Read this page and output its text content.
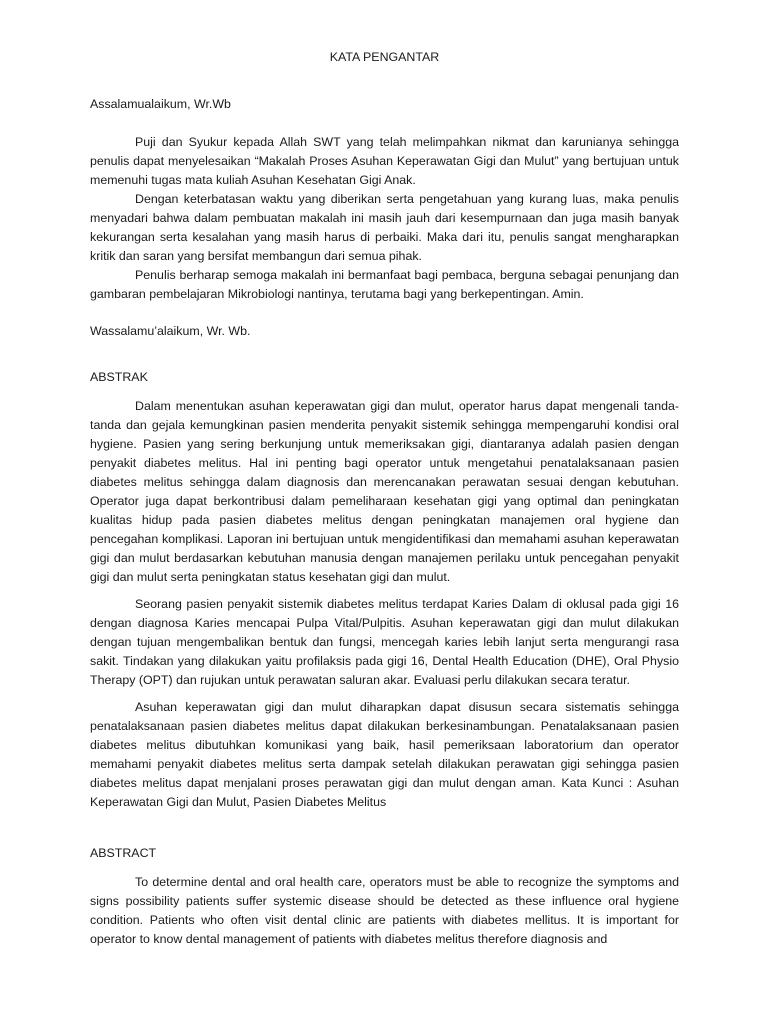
KATA PENGANTAR
Assalamualaikum, Wr.Wb

Puji dan Syukur kepada Allah SWT yang telah melimpahkan nikmat dan karunianya sehingga penulis dapat menyelesaikan “Makalah Proses Asuhan Keperawatan Gigi dan Mulut” yang bertujuan untuk memenuhi tugas mata kuliah Asuhan Kesehatan Gigi Anak.

Dengan keterbatasan waktu yang diberikan serta pengetahuan yang kurang luas, maka penulis menyadari bahwa dalam pembuatan makalah ini masih jauh dari kesempurnaan dan juga masih banyak kekurangan serta kesalahan yang masih harus di perbaiki. Maka dari itu, penulis sangat mengharapkan kritik dan saran yang bersifat membangun dari semua pihak.

Penulis berharap semoga makalah ini bermanfaat bagi pembaca, berguna sebagai penunjang dan gambaran pembelajaran Mikrobiologi nantinya, terutama bagi yang berkepentingan. Amin.

Wassalamu’alaikum, Wr. Wb.
ABSTRAK

Dalam menentukan asuhan keperawatan gigi dan mulut, operator harus dapat mengenali tanda-tanda dan gejala kemungkinan pasien menderita penyakit sistemik sehingga mempengaruhi kondisi oral hygiene. Pasien yang sering berkunjung untuk memeriksakan gigi, diantaranya adalah pasien dengan penyakit diabetes melitus. Hal ini penting bagi operator untuk mengetahui penatalaksanaan pasien diabetes melitus sehingga dalam diagnosis dan merencanakan perawatan sesuai dengan kebutuhan. Operator juga dapat berkontribusi dalam pemeliharaan kesehatan gigi yang optimal dan peningkatan kualitas hidup pada pasien diabetes melitus dengan peningkatan manajemen oral hygiene dan pencegahan komplikasi. Laporan ini bertujuan untuk mengidentifikasi dan memahami asuhan keperawatan gigi dan mulut berdasarkan kebutuhan manusia dengan manajemen perilaku untuk pencegahan penyakit gigi dan mulut serta peningkatan status kesehatan gigi dan mulut.

Seorang pasien penyakit sistemik diabetes melitus terdapat Karies Dalam di oklusal pada gigi 16 dengan diagnosa Karies mencapai Pulpa Vital/Pulpitis. Asuhan keperawatan gigi dan mulut dilakukan dengan tujuan mengembalikan bentuk dan fungsi, mencegah karies lebih lanjut serta mengurangi rasa sakit. Tindakan yang dilakukan yaitu profilaksis pada gigi 16, Dental Health Education (DHE), Oral Physio Therapy (OPT) dan rujukan untuk perawatan saluran akar. Evaluasi perlu dilakukan secara teratur.

Asuhan keperawatan gigi dan mulut diharapkan dapat disusun secara sistematis sehingga penatalaksanaan pasien diabetes melitus dapat dilakukan berkesinambungan. Penatalaksanaan pasien diabetes melitus dibutuhkan komunikasi yang baik, hasil pemeriksaan laboratorium dan operator memahami penyakit diabetes melitus serta dampak setelah dilakukan perawatan gigi sehingga pasien diabetes melitus dapat menjalani proses perawatan gigi dan mulut dengan aman. Kata Kunci : Asuhan Keperawatan Gigi dan Mulut, Pasien Diabetes Melitus

ABSTRACT

To determine dental and oral health care, operators must be able to recognize the symptoms and signs possibility patients suffer systemic disease should be detected as these influence oral hygiene condition. Patients who often visit dental clinic are patients with diabetes mellitus. It is important for operator to know dental management of patients with diabetes melitus therefore diagnosis and
